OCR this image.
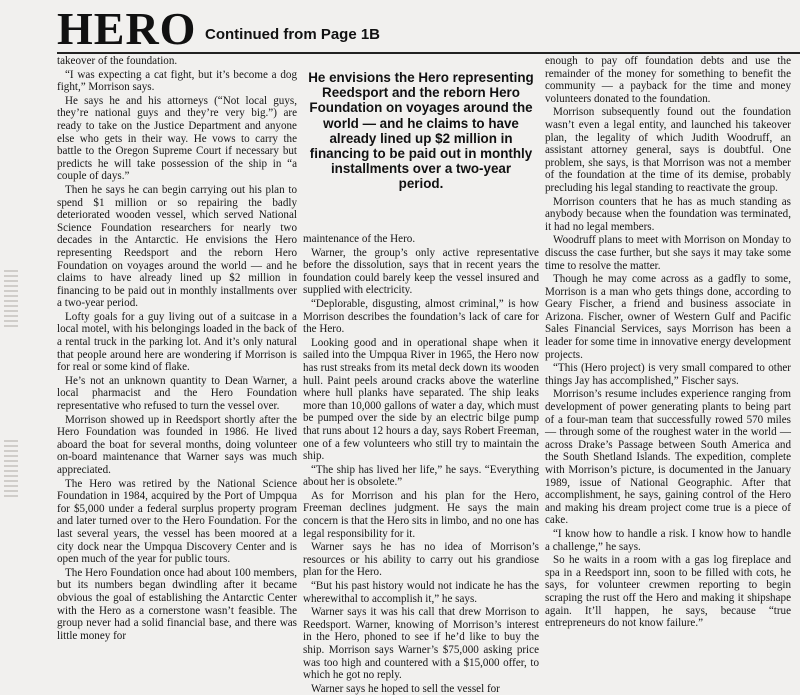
HERO Continued from Page 1B

takeover of the foundation.

“I was expecting a cat fight, but it’s become a dog fight,” Morrison says.

He says he and his attorneys (“Not local guys, they’re national guys and they’re very big.”) are ready to take on the Justice Department and anyone else who gets in their way. He vows to carry the battle to the Oregon Supreme Court if necessary but predicts he will take possession of the ship in “a couple of days.”

Then he says he can begin carrying out his plan to spend $1 million or so repairing the badly deteriorated wooden vessel, which served National Science Foundation researchers for nearly two decades in the Antarctic. He envisions the Hero representing Reedsport and the reborn Hero Foundation on voyages around the world — and he claims to have already lined up $2 million in financing to be paid out in monthly installments over a two-year period.

Lofty goals for a guy living out of a suitcase in a local motel, with his belongings loaded in the back of a rental truck in the parking lot. And it’s only natural that people around here are wondering if Morrison is for real or some kind of flake.

He’s not an unknown quantity to Dean Warner, a local pharmacist and the Hero Foundation representative who refused to turn the vessel over.

Morrison showed up in Reedsport shortly after the Hero Foundation was founded in 1986. He lived aboard the boat for several months, doing volunteer on-board maintenance that Warner says was much appreciated.

The Hero was retired by the National Science Foundation in 1984, acquired by the Port of Umpqua for $5,000 under a federal surplus property program and later turned over to the Hero Foundation. For the last several years, the vessel has been moored at a city dock near the Umpqua Discovery Center and is open much of the year for public tours.

The Hero Foundation once had about 100 members, but its numbers began dwindling after it became obvious the goal of establishing the Antarctic Center with the Hero as a cornerstone wasn’t feasible. The group never had a solid financial base, and there was little money for

He envisions the Hero representing Reedsport and the reborn Hero Foundation on voyages around the world — and he claims to have already lined up $2 million in financing to be paid out in monthly installments over a two-year period.

maintenance of the Hero.

Warner, the group’s only active representative before the dissolution, says that in recent years the foundation could barely keep the vessel insured and supplied with electricity.

“Deplorable, disgusting, almost criminal,” is how Morrison describes the foundation’s lack of care for the Hero.

Looking good and in operational shape when it sailed into the Umpqua River in 1965, the Hero now has rust streaks from its metal deck down its wooden hull. Paint peels around cracks above the waterline where hull planks have separated. The ship leaks more than 10,000 gallons of water a day, which must be pumped over the side by an electric bilge pump that runs about 12 hours a day, says Robert Freeman, one of a few volunteers who still try to maintain the ship.

“The ship has lived her life,” he says. “Everything about her is obsolete.”

As for Morrison and his plan for the Hero, Freeman declines judgment. He says the main concern is that the Hero sits in limbo, and no one has legal responsibility for it.

Warner says he has no idea of Morrison’s resources or his ability to carry out his grandiose plan for the Hero.

“But his past history would not indicate he has the wherewithal to accomplish it,” he says.

Warner says it was his call that drew Morrison to Reedsport. Warner, knowing of Morrison’s interest in the Hero, phoned to see if he’d like to buy the ship. Morrison says Warner’s $75,000 asking price was too high and countered with a $15,000 offer, to which he got no reply.

Warner says he hoped to sell the vessel for

enough to pay off foundation debts and use the remainder of the money for something to benefit the community — a payback for the time and money volunteers donated to the foundation.

Morrison subsequently found out the foundation wasn’t even a legal entity, and launched his takeover plan, the legality of which Judith Woodruff, an assistant attorney general, says is doubtful. One problem, she says, is that Morrison was not a member of the foundation at the time of its demise, probably precluding his legal standing to reactivate the group.

Morrison counters that he has as much standing as anybody because when the foundation was terminated, it had no legal members.

Woodruff plans to meet with Morrison on Monday to discuss the case further, but she says it may take some time to resolve the matter.

Though he may come across as a gadfly to some, Morrison is a man who gets things done, according to Geary Fischer, a friend and business associate in Arizona. Fischer, owner of Western Gulf and Pacific Sales Financial Services, says Morrison has been a leader for some time in innovative energy development projects.

“This (Hero project) is very small compared to other things Jay has accomplished,” Fischer says.

Morrison’s resume includes experience ranging from development of power generating plants to being part of a four-man team that successfully rowed 570 miles — through some of the roughest water in the world — across Drake’s Passage between South America and the South Shetland Islands. The expedition, complete with Morrison’s picture, is documented in the January 1989, issue of National Geographic. After that accomplishment, he says, gaining control of the Hero and making his dream project come true is a piece of cake.

“I know how to handle a risk. I know how to handle a challenge,” he says.

So he waits in a room with a gas log fireplace and spa in a Reedsport inn, soon to be filled with cots, he says, for volunteer crewmen reporting to begin scraping the rust off the Hero and making it shipshape again. It’ll happen, he says, because “true entrepreneurs do not know failure.”
